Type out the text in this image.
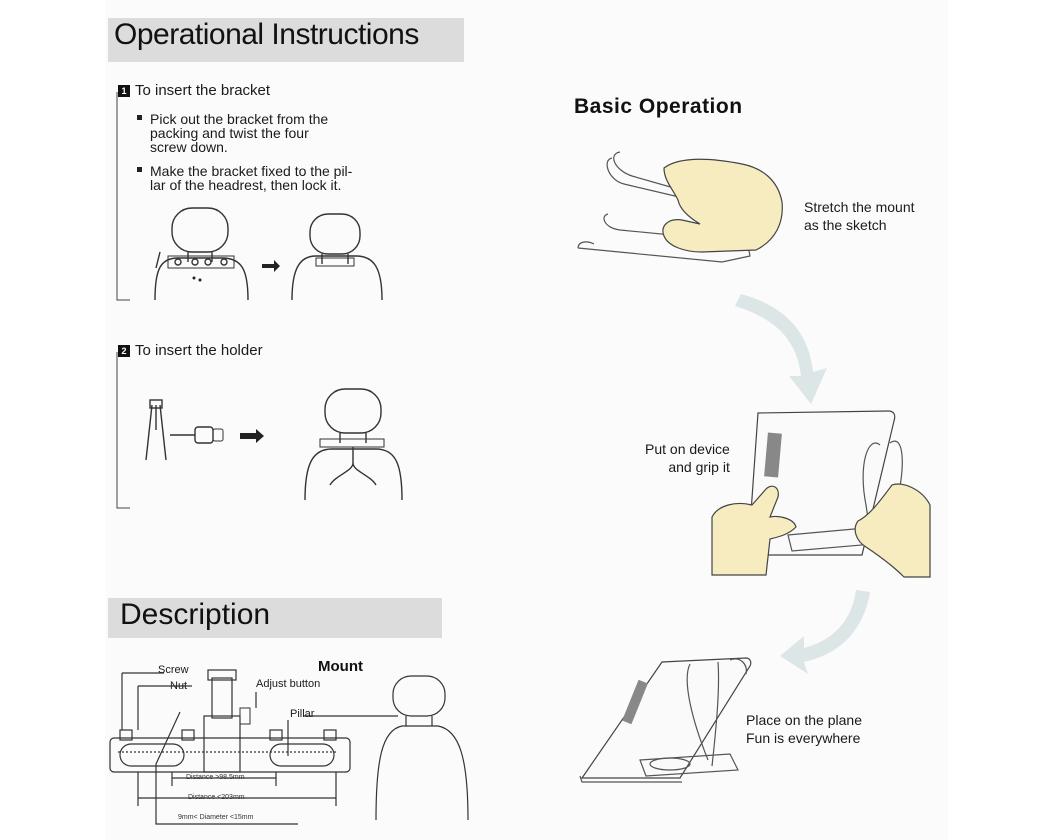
Operational Instructions
1 To insert the bracket
Pick out the bracket from the
packing and twist the four
screw down.
Make the bracket fixed to the pil-
lar of the headrest, then lock it.
2 To insert the holder
Description
Screw
Nut
Mount
Adjust button
Pillar
Distance >98.5mm
Distance <203mm
9mm< Diameter <15mm
Basic Operation
Stretch the mount
as the sketch
Put on device
and grip it
Place on the plane
Fun is everywhere
